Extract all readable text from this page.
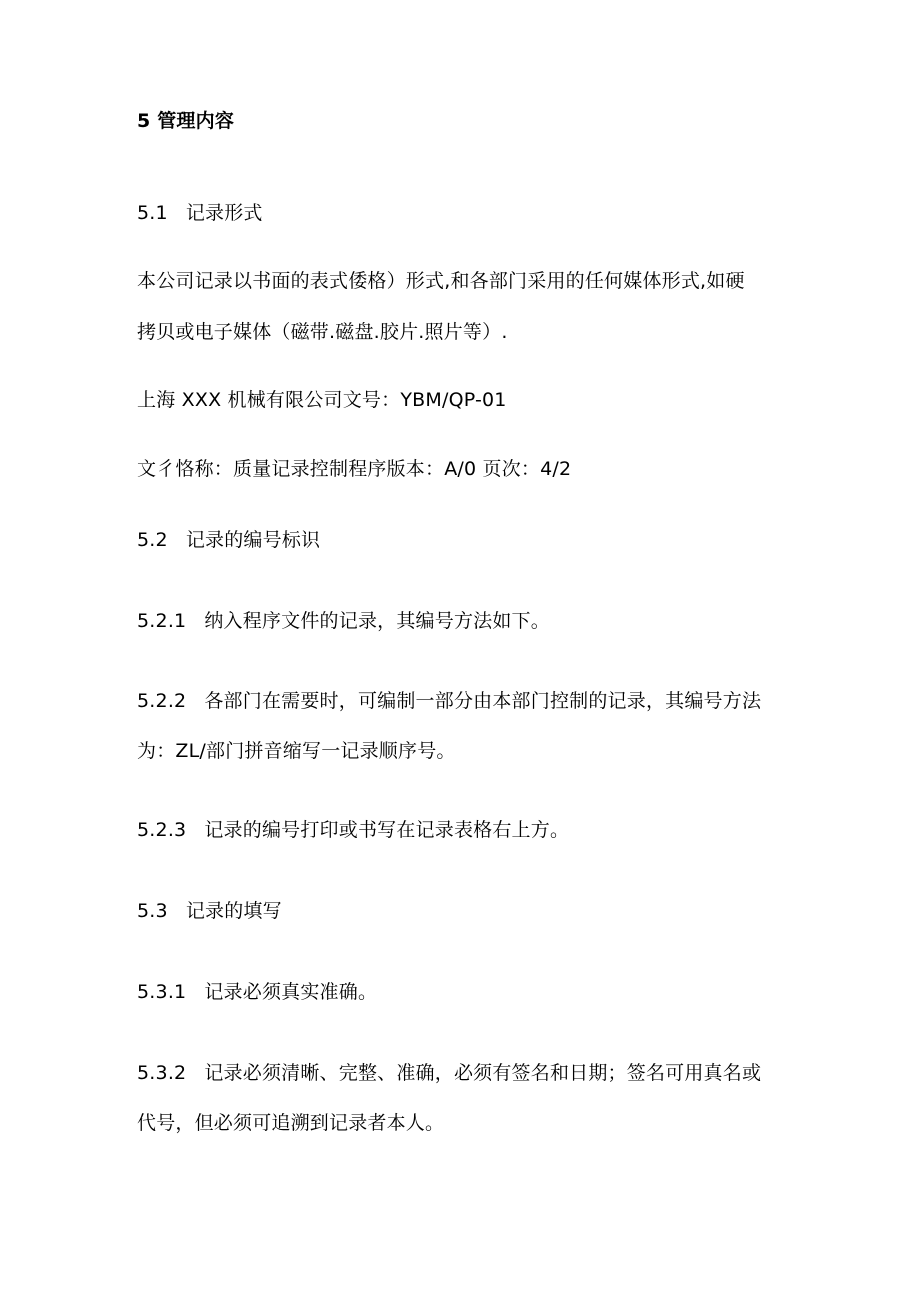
5 管理内容
5.1 记录形式
本公司记录以书面的表式倭格）形式,和各部门采用的任何媒体形式,如硬
拷贝或电子媒体（磁带.磁盘.胶片.照片等）.
上海 XXX 机械有限公司文号：YBM/QP-01
文彳恪称：质量记录控制程序版本：A/0 页次：4/2
5.2 记录的编号标识
5.2.1 纳入程序文件的记录，其编号方法如下。
5.2.2 各部门在需要时，可编制一部分由本部门控制的记录，其编号方法
为：ZL/部门拼音缩写一记录顺序号。
5.2.3 记录的编号打印或书写在记录表格右上方。
5.3 记录的填写
5.3.1 记录必须真实准确。
5.3.2 记录必须清晰、完整、准确，必须有签名和日期；签名可用真名或
代号，但必须可追溯到记录者本人。
